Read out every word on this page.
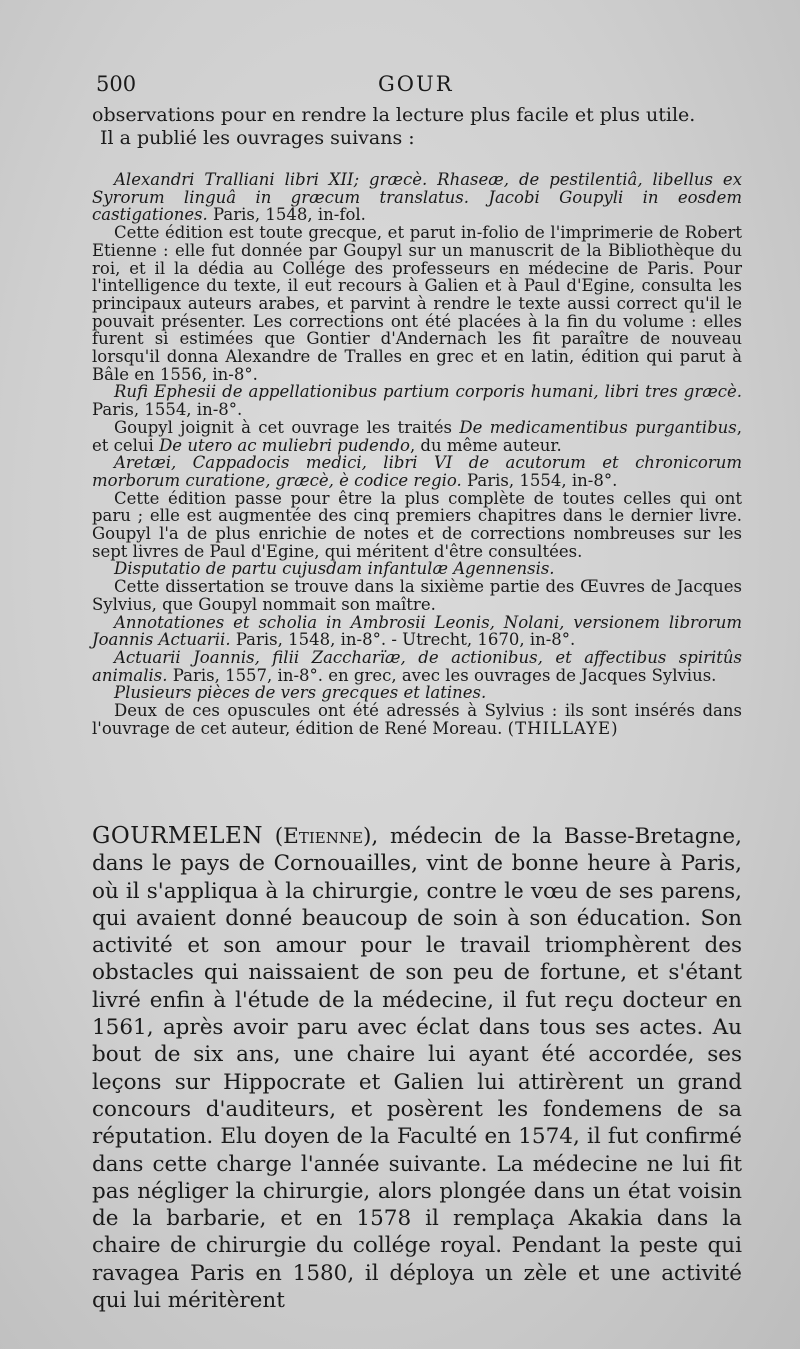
500	GOUR

observations pour en rendre la lecture plus facile et plus utile.

Il a publié les ouvrages suivans :

Alexandri Tralliani libri XII; græcè. Rhaseæ, de pestilentiâ, libellus ex Syrorum linguâ in græcum translatus. Jacobi Goupyli in eosdem castigationes. Paris, 1548, in-fol.

Cette édition est toute grecque, et parut in-folio de l'imprimerie de Robert Etienne : elle fut donnée par Goupyl sur un manuscrit de la Bibliothèque du roi, et il la dédia au Collége des professeurs en médecine de Paris. Pour l'intelligence du texte, il eut recours à Galien et à Paul d'Egine, consulta les principaux auteurs arabes, et parvint à rendre le texte aussi correct qu'il le pouvait présenter. Les corrections ont été placées à la fin du volume : elles furent si estimées que Gontier d'Andernach les fit paraître de nouveau lorsqu'il donna Alexandre de Tralles en grec et en latin, édition qui parut à Bâle en 1556, in-8°.

Rufi Ephesii de appellationibus partium corporis humani, libri tres græcè. Paris, 1554, in-8°.

Goupyl joignit à cet ouvrage les traités De medicamentibus purgantibus, et celui De utero ac muliebri pudendo, du même auteur.

Aretæi, Cappadocis medici, libri VI de acutorum et chronicorum morborum curatione, græcè, è codice regio. Paris, 1554, in-8°.

Cette édition passe pour être la plus complète de toutes celles qui ont paru ; elle est augmentée des cinq premiers chapitres dans le dernier livre. Goupyl l'a de plus enrichie de notes et de corrections nombreuses sur les sept livres de Paul d'Egine, qui méritent d'être consultées.

Disputatio de partu cujusdam infantulæ Agennensis.

Cette dissertation se trouve dans la sixième partie des Œuvres de Jacques Sylvius, que Goupyl nommait son maître.

Annotationes et scholia in Ambrosii Leonis, Nolani, versionem librorum Joannis Actuarii. Paris, 1548, in-8°. - Utrecht, 1670, in-8°.

Actuarii Joannis, filii Zaccharïæ, de actionibus, et affectibus spiritûs animalis. Paris, 1557, in-8°. en grec, avec les ouvrages de Jacques Sylvius.

Plusieurs pièces de vers grecques et latines.

Deux de ces opuscules ont été adressés à Sylvius : ils sont insérés dans l'ouvrage de cet auteur, édition de René Moreau. (THILLAYE)

GOURMELEN (Etienne), médecin de la Basse-Bretagne, dans le pays de Cornouailles, vint de bonne heure à Paris, où il s'appliqua à la chirurgie, contre le vœu de ses parens, qui avaient donné beaucoup de soin à son éducation. Son activité et son amour pour le travail triomphèrent des obstacles qui naissaient de son peu de fortune, et s'étant livré enfin à l'étude de la médecine, il fut reçu docteur en 1561, après avoir paru avec éclat dans tous ses actes. Au bout de six ans, une chaire lui ayant été accordée, ses leçons sur Hippocrate et Galien lui attirèrent un grand concours d'auditeurs, et posèrent les fondemens de sa réputation. Elu doyen de la Faculté en 1574, il fut confirmé dans cette charge l'année suivante. La médecine ne lui fit pas négliger la chirurgie, alors plongée dans un état voisin de la barbarie, et en 1578 il remplaça Akakia dans la chaire de chirurgie du collége royal. Pendant la peste qui ravagea Paris en 1580, il déploya un zèle et une activité qui lui méritèrent
